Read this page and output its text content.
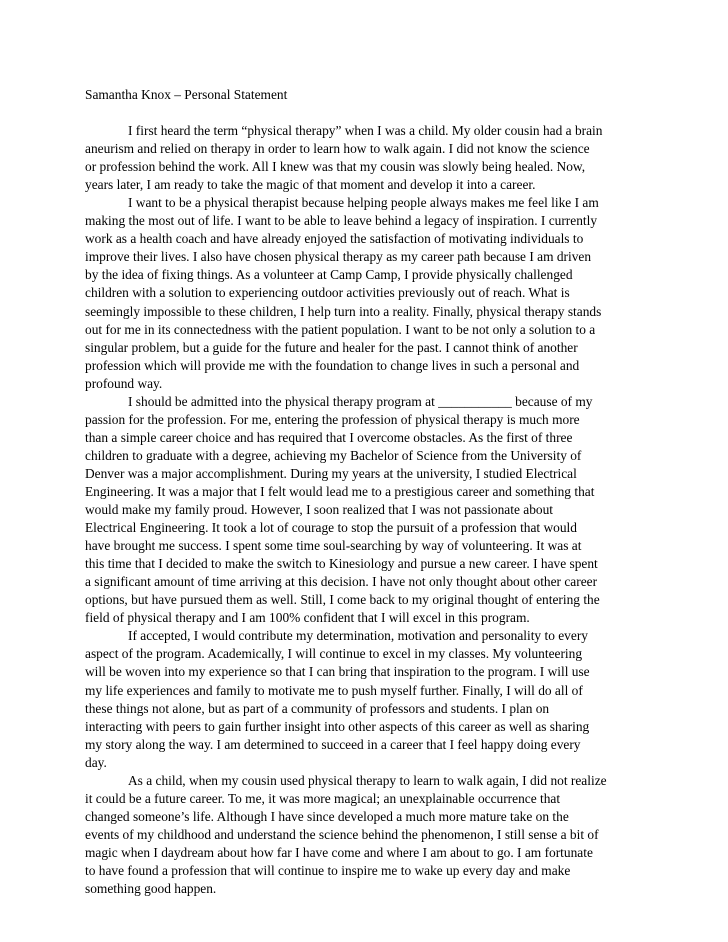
Samantha Knox – Personal Statement

I first heard the term “physical therapy” when I was a child. My older cousin had a brain
aneurism and relied on therapy in order to learn how to walk again. I did not know the science
or profession behind the work. All I knew was that my cousin was slowly being healed. Now,
years later, I am ready to take the magic of that moment and develop it into a career.

I want to be a physical therapist because helping people always makes me feel like I am
making the most out of life. I want to be able to leave behind a legacy of inspiration. I currently
work as a health coach and have already enjoyed the satisfaction of motivating individuals to
improve their lives. I also have chosen physical therapy as my career path because I am driven
by the idea of fixing things. As a volunteer at Camp Camp, I provide physically challenged
children with a solution to experiencing outdoor activities previously out of reach. What is
seemingly impossible to these children, I help turn into a reality. Finally, physical therapy stands
out for me in its connectedness with the patient population. I want to be not only a solution to a
singular problem, but a guide for the future and healer for the past. I cannot think of another
profession which will provide me with the foundation to change lives in such a personal and
profound way.

I should be admitted into the physical therapy program at ___________ because of my
passion for the profession. For me, entering the profession of physical therapy is much more
than a simple career choice and has required that I overcome obstacles. As the first of three
children to graduate with a degree, achieving my Bachelor of Science from the University of
Denver was a major accomplishment. During my years at the university, I studied Electrical
Engineering. It was a major that I felt would lead me to a prestigious career and something that
would make my family proud. However, I soon realized that I was not passionate about
Electrical Engineering. It took a lot of courage to stop the pursuit of a profession that would
have brought me success. I spent some time soul-searching by way of volunteering. It was at
this time that I decided to make the switch to Kinesiology and pursue a new career. I have spent
a significant amount of time arriving at this decision. I have not only thought about other career
options, but have pursued them as well. Still, I come back to my original thought of entering the
field of physical therapy and I am 100% confident that I will excel in this program.

If accepted, I would contribute my determination, motivation and personality to every
aspect of the program. Academically, I will continue to excel in my classes. My volunteering
will be woven into my experience so that I can bring that inspiration to the program. I will use
my life experiences and family to motivate me to push myself further. Finally, I will do all of
these things not alone, but as part of a community of professors and students. I plan on
interacting with peers to gain further insight into other aspects of this career as well as sharing
my story along the way. I am determined to succeed in a career that I feel happy doing every
day.

As a child, when my cousin used physical therapy to learn to walk again, I did not realize
it could be a future career. To me, it was more magical; an unexplainable occurrence that
changed someone’s life. Although I have since developed a much more mature take on the
events of my childhood and understand the science behind the phenomenon, I still sense a bit of
magic when I daydream about how far I have come and where I am about to go. I am fortunate
to have found a profession that will continue to inspire me to wake up every day and make
something good happen.
